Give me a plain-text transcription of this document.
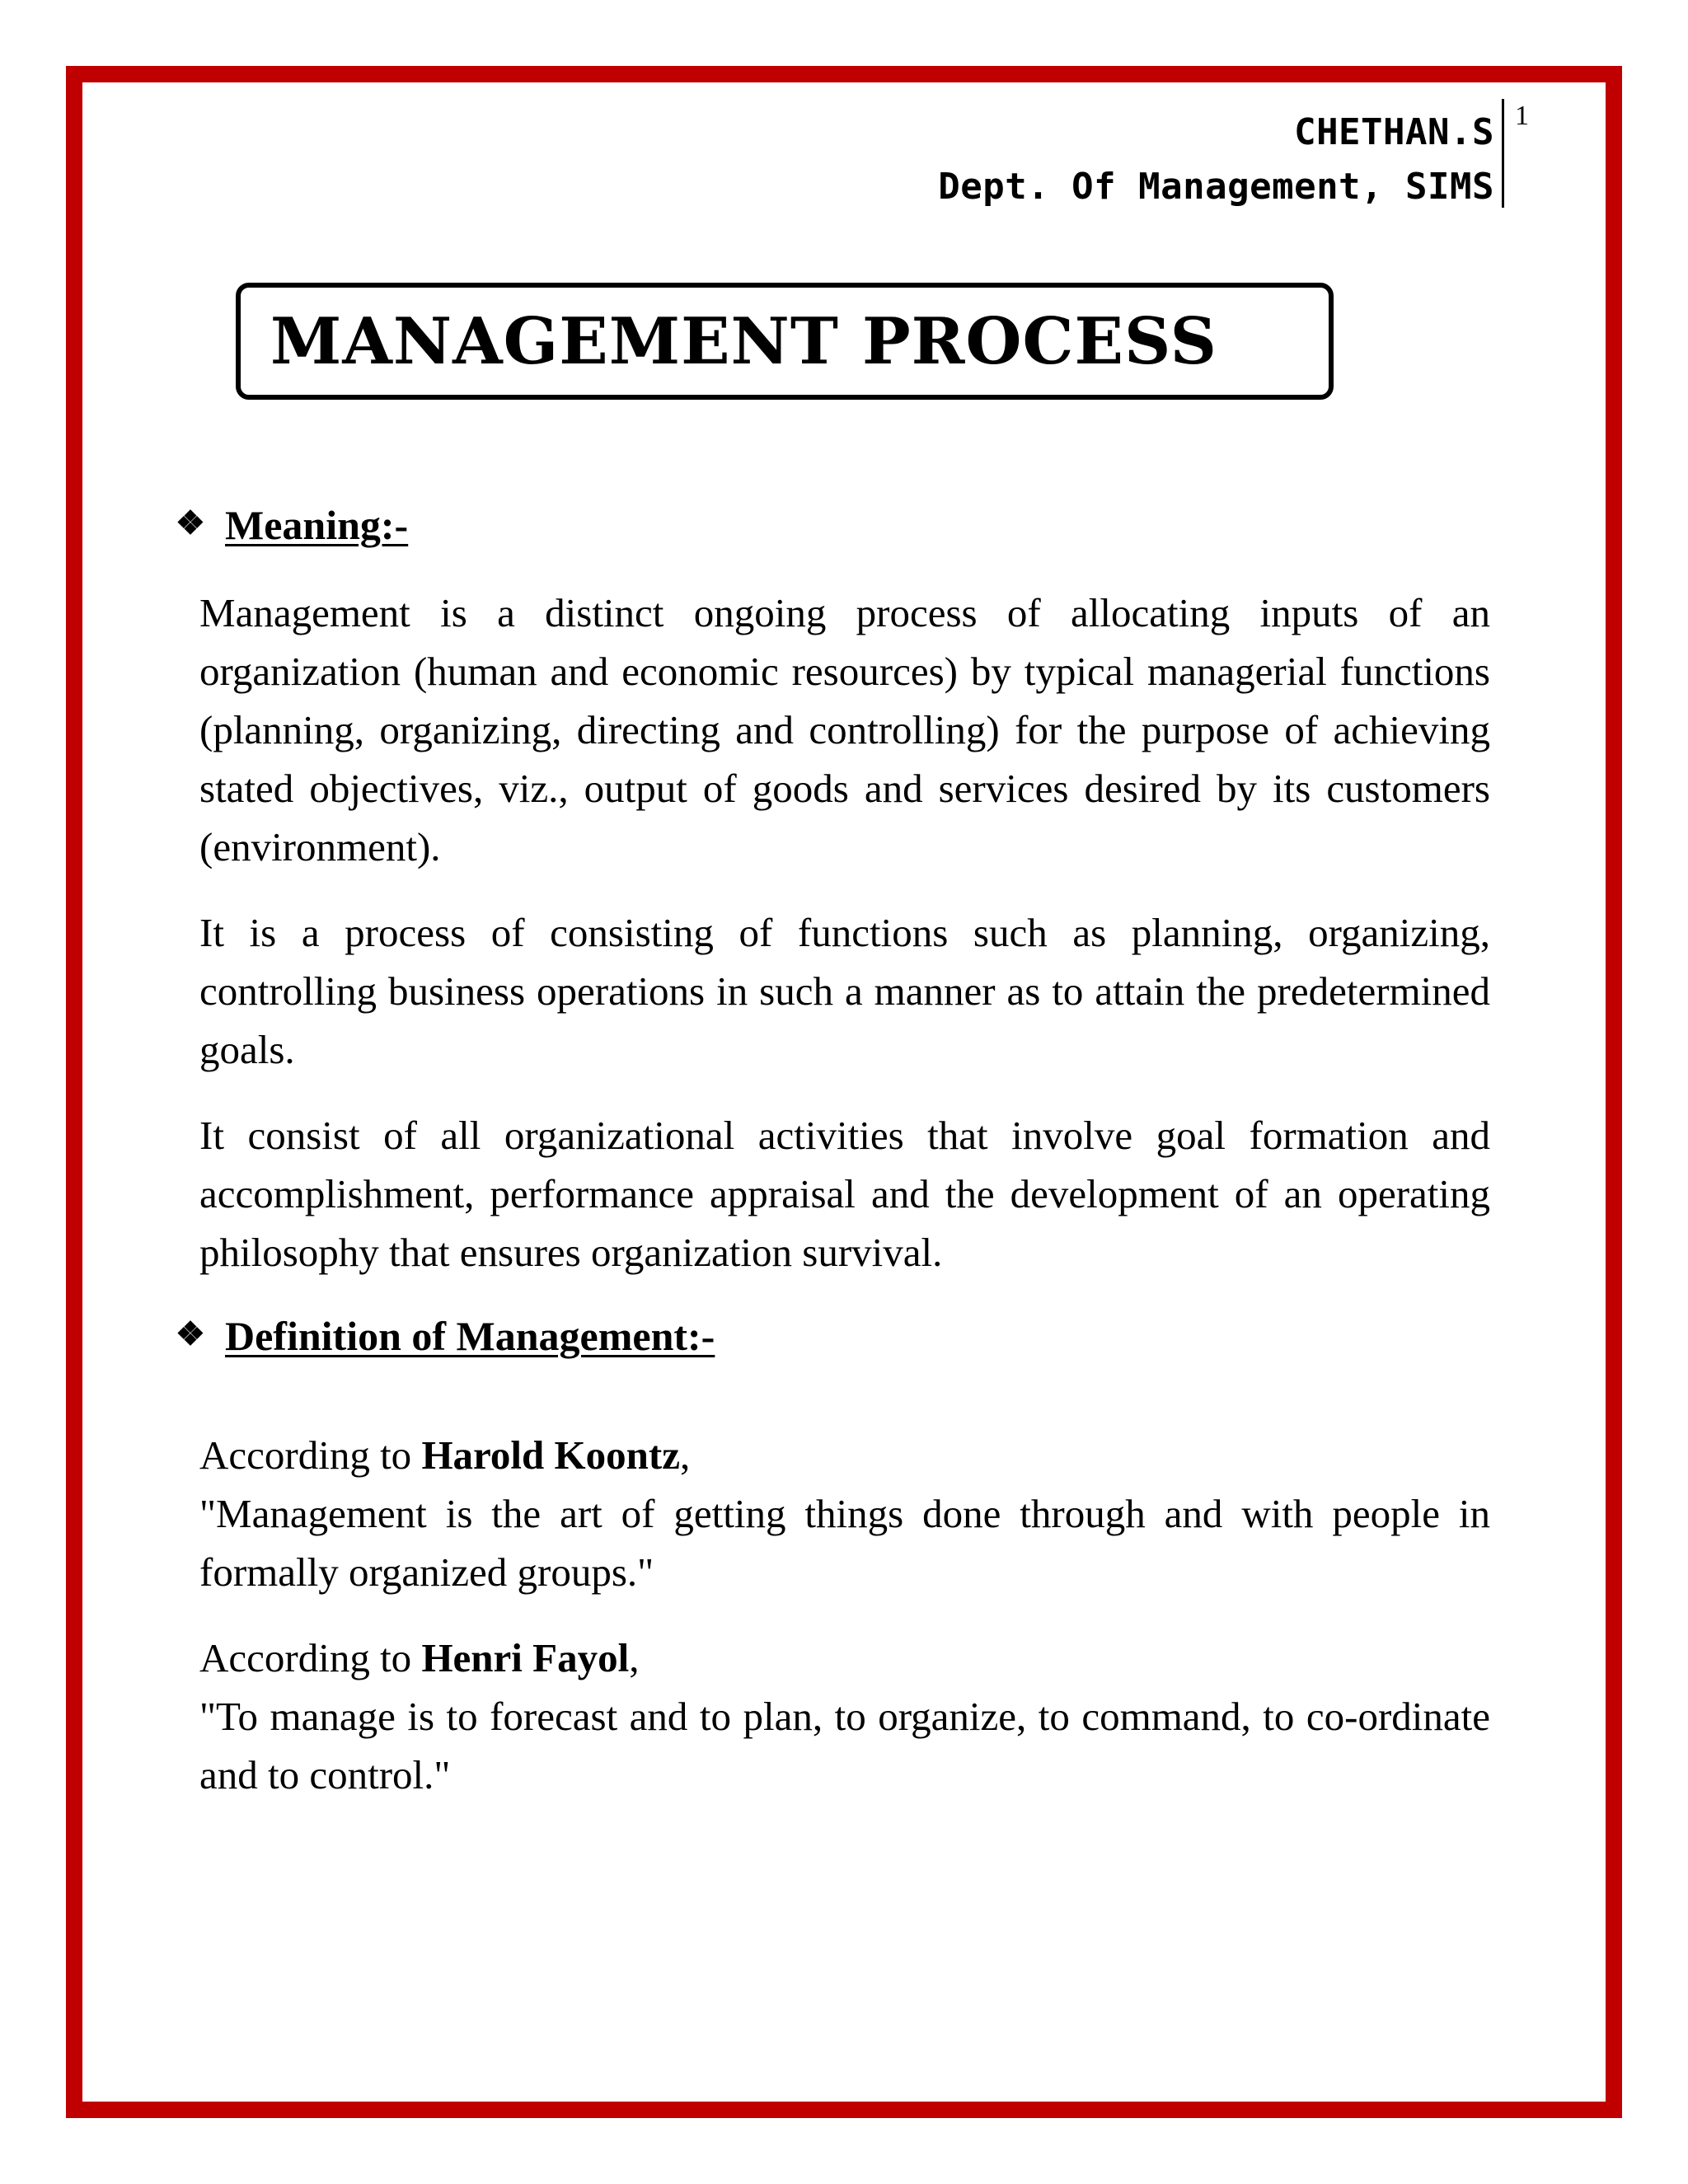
CHETHAN.S
Dept. Of Management, SIMS
1
MANAGEMENT PROCESS
❖ Meaning:-

Management is a distinct ongoing process of allocating inputs of an organization (human and economic resources) by typical managerial functions (planning, organizing, directing and controlling) for the purpose of achieving stated objectives, viz., output of goods and services desired by its customers (environment).

It is a process of consisting of functions such as planning, organizing, controlling business operations in such a manner as to attain the predetermined goals.

It consist of all organizational activities that involve goal formation and accomplishment, performance appraisal and the development of an operating philosophy that ensures organization survival.

❖ Definition of Management:-

According to Harold Koontz,

"Management is the art of getting things done through and with people in formally organized groups."

According to Henri Fayol,

"To manage is to forecast and to plan, to organize, to command, to co-ordinate and to control."
